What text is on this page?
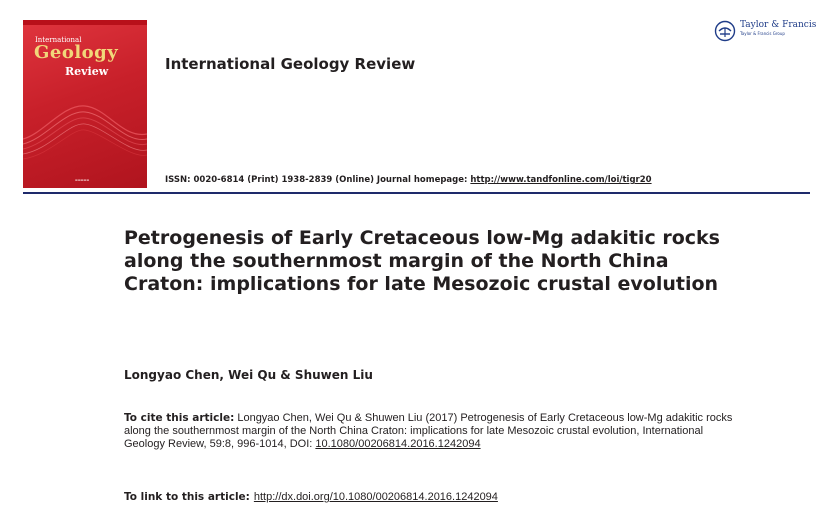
International
Geology
Review
▬▬▬▬▬
International Geology Review
Taylor & Francis
Taylor & Francis Group
ISSN: 0020-6814 (Print) 1938-2839 (Online) Journal homepage: http://www.tandfonline.com/loi/tigr20
Petrogenesis of Early Cretaceous low-Mg adakitic rocks along the southernmost margin of the North China Craton: implications for late Mesozoic crustal evolution
Longyao Chen, Wei Qu & Shuwen Liu
To cite this article: Longyao Chen, Wei Qu & Shuwen Liu (2017) Petrogenesis of Early Cretaceous low-Mg adakitic rocks along the southernmost margin of the North China Craton: implications for late Mesozoic crustal evolution, International Geology Review, 59:8, 996-1014, DOI: 10.1080/00206814.2016.1242094
To link to this article: http://dx.doi.org/10.1080/00206814.2016.1242094
